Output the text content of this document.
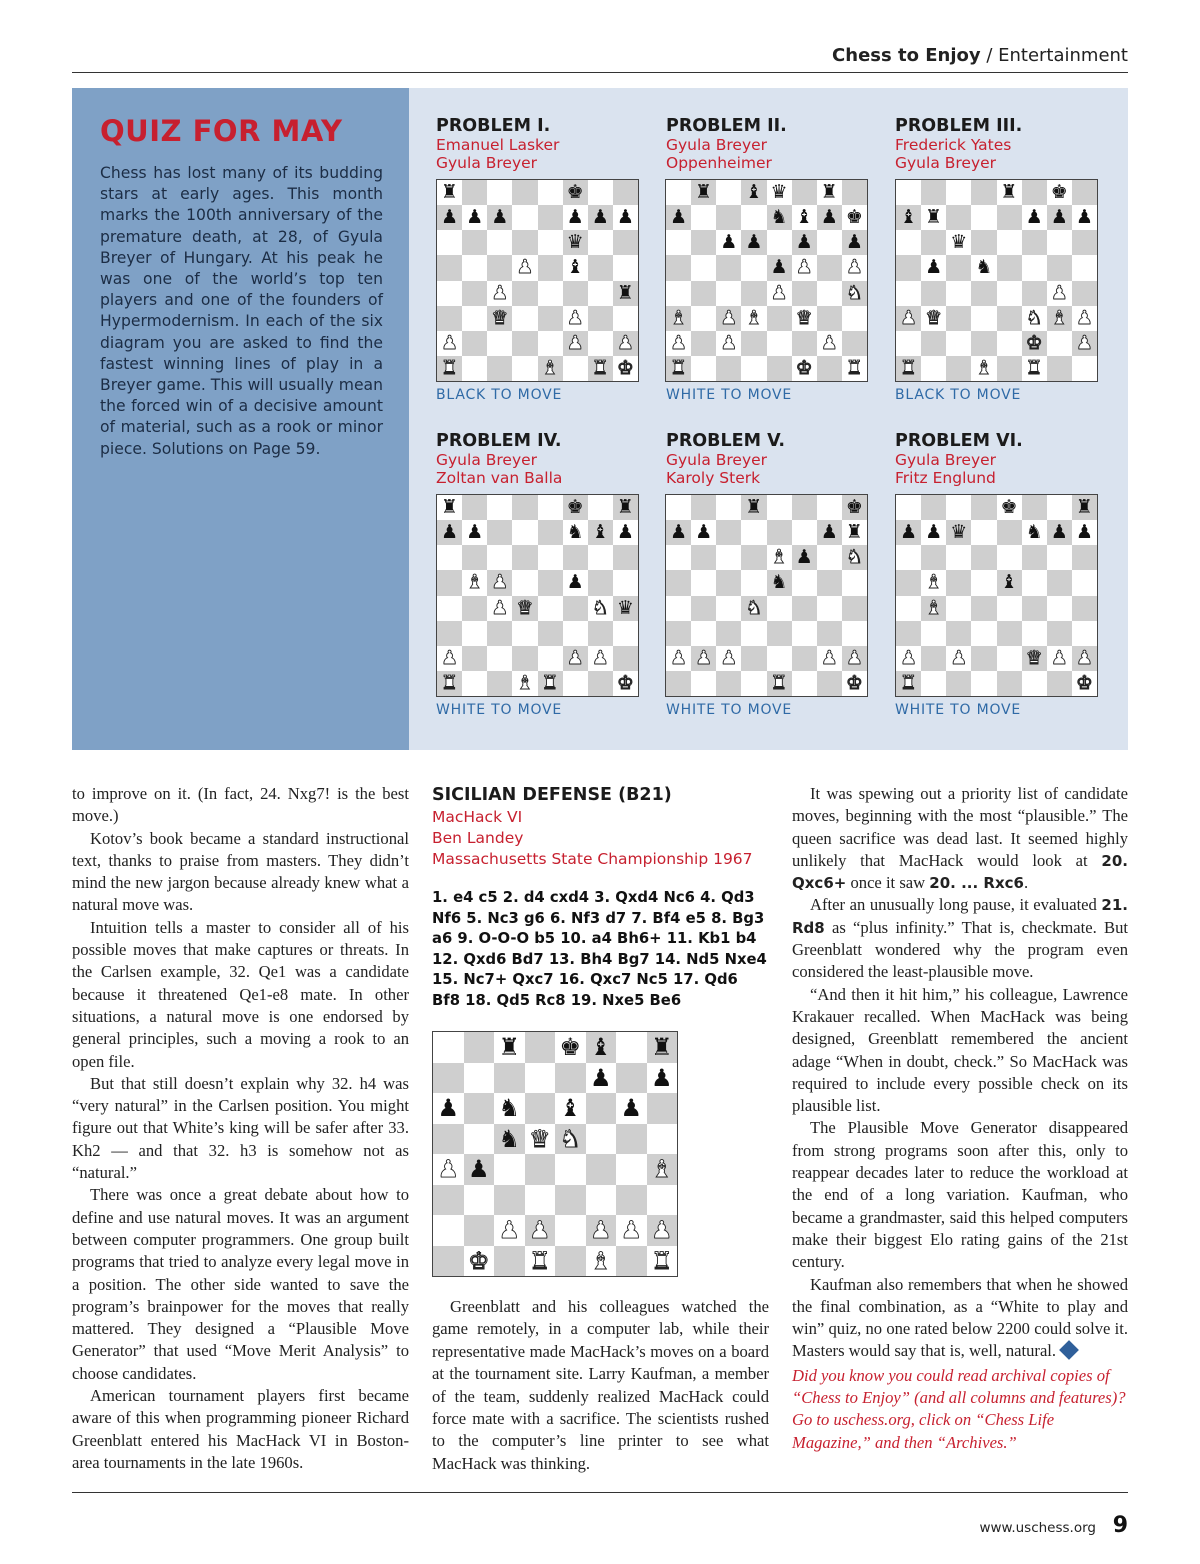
Chess to Enjoy / Entertainment
QUIZ FOR MAY
Chess has lost many of its budding stars at early ages. This month marks the 100th anniversary of the premature death, at 28, of Gyula Breyer of Hungary. At his peak he was one of the world’s top ten players and one of the founders of Hypermodernism. In each of the six diagram you are asked to find the fastest winning lines of play in a Breyer game. This will usually mean the forced win of a decisive amount of material, such as a rook or minor piece. Solutions on Page 59.
PROBLEM I.
Emanuel Lasker
Gyula Breyer
PROBLEM II.
Gyula Breyer
Oppenheimer
PROBLEM III.
Frederick Yates
Gyula Breyer
PROBLEM IV.
Gyula Breyer
Zoltan van Balla
PROBLEM V.
Gyula Breyer
Karoly Sterk
PROBLEM VI.
Gyula Breyer
Fritz Englund
♜	♚
♟ ♟ ♟	♟ ♟ ♟
♛
♟ ♝
♟	♜
♛	♟
♟	♟ ♟
♜	♝ ♜ ♚
♜ ♝ ♛ ♜
♟	♞ ♝ ♟ ♚
♟ ♟ ♟ ♟
♟ ♟ ♟
♟	♞
♝ ♟ ♝ ♛
♟ ♟	♟
♜	♚ ♜
♜ ♚
♝ ♜	♟ ♟ ♟
♛
♟ ♞
♟
♟ ♛	♞ ♝ ♟
♚ ♟
♜	♝ ♜
♜	♚ ♜
♟ ♟	♞ ♝ ♟
♝ ♟	♟
♟ ♛	♞ ♛
♟	♟ ♟
♜	♝ ♜	♚
♜	♚
♟ ♟	♟ ♜
♝ ♟ ♞
♞
♞
♟ ♟ ♟	♟ ♟
♜	♚
♚	♜
♟ ♟ ♛	♞ ♟ ♟
♝	♝
♝
♟ ♟	♛ ♟ ♟
♜	♚
BLACK TO MOVE	WHITE TO MOVE	BLACK TO MOVE
WHITE TO MOVE	WHITE TO MOVE	WHITE TO MOVE

to improve on it. (In fact, 24. Nxg7! is the best move.)

Kotov’s book became a standard instructional text, thanks to praise from masters. They didn’t mind the new jargon because already knew what a natural move was.

Intuition tells a master to consider all of his possible moves that make captures or threats. In the Carlsen example, 32. Qe1 was a candidate because it threatened Qe1-e8 mate. In other situations, a natural move is one endorsed by general principles, such a moving a rook to an open file.

But that still doesn’t explain why 32. h4 was “very natural” in the Carlsen position. You might figure out that White’s king will be safer after 33. Kh2 — and that 32. h3 is somehow not as “natural.”

There was once a great debate about how to define and use natural moves. It was an argument between computer programmers. One group built programs that tried to analyze every legal move in a position. The other side wanted to save the program’s brainpower for the moves that really mattered. They designed a “Plausible Move Generator” that used “Move Merit Analysis” to choose candidates.

American tournament players first became aware of this when programming pioneer Richard Greenblatt entered his MacHack VI in Boston-area tournaments in the late 1960s.

SICILIAN DEFENSE (B21)
MacHack VI
Ben Landey
Massachusetts State Championship 1967
1. e4 c5 2. d4 cxd4 3. Qxd4 Nc6 4. Qd3 Nf6 5. Nc3 g6 6. Nf3 d7 7. Bf4 e5 8. Bg3 a6 9. O-O-O b5 10. a4 Bh6+ 11. Kb1 b4 12. Qxd6 Bd7 13. Bh4 Bg7 14. Nd5 Nxe4 15. Nc7+ Qxc7 16. Qxc7 Nc5 17. Qd6 Bf8 18. Qd5 Rc8 19. Nxe5 Be6
♜ ♚ ♝ ♜
♟ ♟
♟ ♞ ♝ ♟
♞ ♛ ♞
♟ ♟	♝
♟ ♟ ♟ ♟ ♟
♚ ♜ ♝ ♜

Greenblatt and his colleagues watched the game remotely, in a computer lab, while their representative made MacHack’s moves on a board at the tournament site. Larry Kaufman, a member of the team, suddenly realized MacHack could force mate with a sacrifice. The scientists rushed to the computer’s line printer to see what MacHack was thinking.

It was spewing out a priority list of candidate moves, beginning with the most “plausible.” The queen sacrifice was dead last. It seemed highly unlikely that MacHack would look at 20. Qxc6+ once it saw 20. ... Rxc6.

After an unusually long pause, it evaluated 21. Rd8 as “plus infinity.” That is, checkmate. But Greenblatt wondered why the program even considered the least-plausible move.

“And then it hit him,” his colleague, Lawrence Krakauer recalled. When MacHack was being designed, Greenblatt remembered the ancient adage “When in doubt, check.” So MacHack was required to include every possible check on its plausible list.

The Plausible Move Generator disappeared from strong programs soon after this, only to reappear decades later to reduce the workload at the end of a long variation. Kaufman, who became a grandmaster, said this helped computers make their biggest Elo rating gains of the 21st century.

Kaufman also remembers that when he showed the final combination, as a “White to play and win” quiz, no one rated below 2200 could solve it. Masters would say that is, well, natural.

Did you know you could read archival copies of “Chess to Enjoy” (and all columns and features)? Go to uschess.org, click on “Chess Life Magazine,” and then “Archives.”

www.uschess.org 9
